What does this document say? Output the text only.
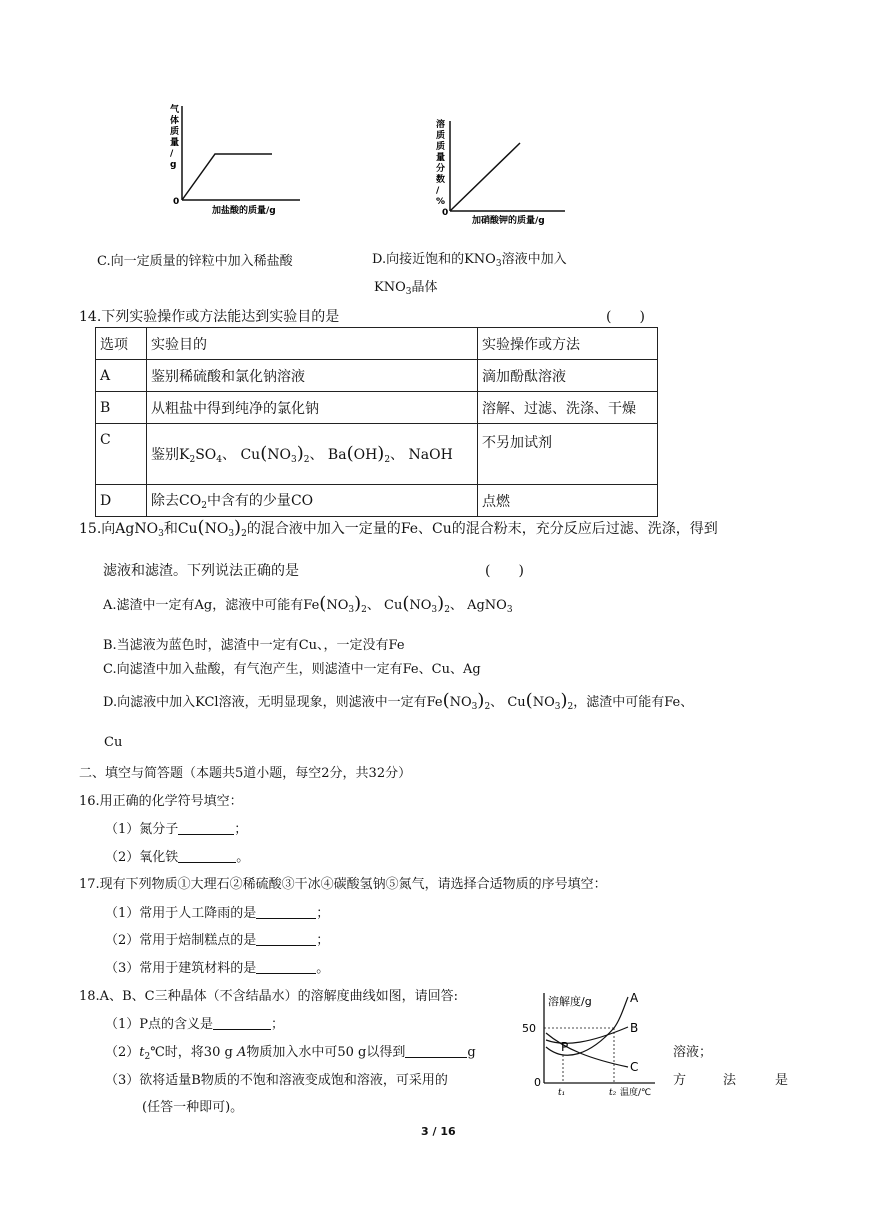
气
体
质
量
/
g
0
加盐酸的质量/g
溶
质
质
量
分
数
/
%
0
加硝酸钾的质量/g
C.向一定质量的锌粒中加入稀盐酸	D.向接近饱和的$KNO_3$溶液中加入
$KNO_3$晶体
14.下列实验操作或方法能达到实验目的是	(　　)
选项	实验目的	实验操作或方法
A	鉴别稀硫酸和氯化钠溶液	滴加酚酞溶液
B	从粗盐中得到纯净的氯化钠	溶解、过滤、洗涤、干燥
C	鉴别$K_2SO_4$、 $Cu(NO_3)_2$、 $Ba(OH)_2$、 NaOH	不另加试剂
D	除去$CO_2$中含有的少量CO	点燃
15.向AgNO$_3$和$Cu(NO_3)_2$的混合液中加入一定量的Fe、Cu的混合粉末，充分反应后过滤、洗涤，得到
滤液和滤渣。下列说法正确的是	(　　)
A.滤渣中一定有Ag，滤液中可能有$Fe(NO_3)_2$、 $Cu(NO_3)_2$、 AgNO$_3$
B.当滤液为蓝色时，滤渣中一定有Cu、，一定没有Fe
C.向滤渣中加入盐酸，有气泡产生，则滤渣中一定有Fe、Cu、Ag
D.向滤液中加入KCl溶液，无明显现象，则滤液中一定有$Fe(NO_3)_2$、 $Cu(NO_3)_2$，滤渣中可能有Fe、
Cu
二、填空与简答题（本题共5道小题，每空2分，共32分）
16.用正确的化学符号填空：
（1）氮分子	；
（2）氧化铁	。
17.现有下列物质①大理石②稀硫酸③干冰④碳酸氢钠⑤氮气，请选择合适物质的序号填空：
（1）常用于人工降雨的是	；
（2）常用于焙制糕点的是	；
（3）常用于建筑材料的是	。
18.A、B、C三种晶体（不含结晶水）的溶解度曲线如图，请回答:
（1）P点的含义是	；
$(2)t_2℃$时，将30 g A物质加入水中可50 g以得到	g	溶液；
（3）欲将适量B物质的不饱和溶液变成饱和溶液，可采用的	方	法	是
(任答一种即可)。
溶解度/g
50
0
A
B
C
P
t₁	t₂ 温度/℃
3 / 16
